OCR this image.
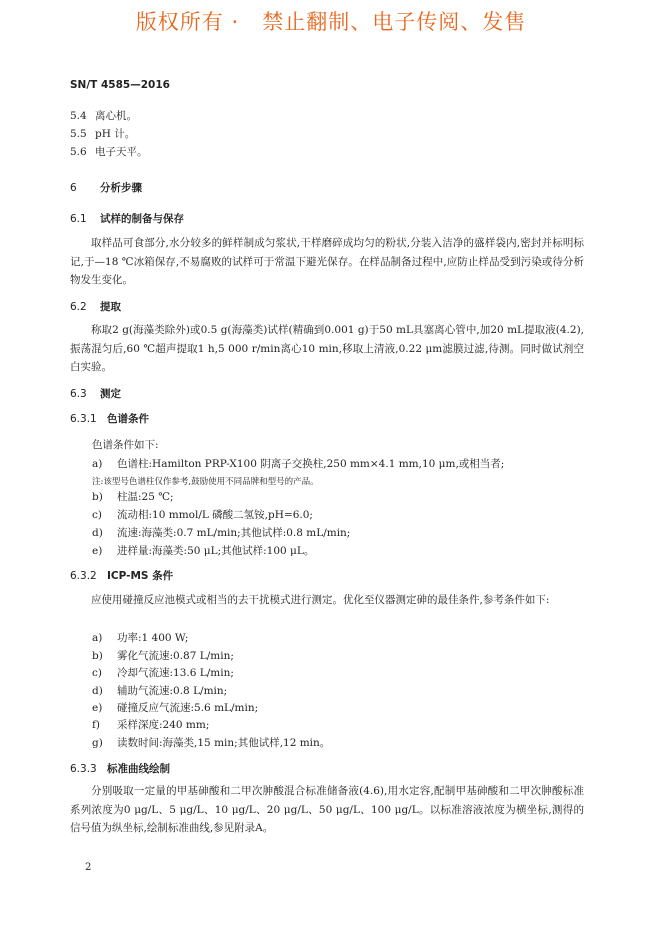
版权所有 ·   禁止翻制、电子传阅、发售
SN/T 4585—2016
5.4 离心机。
5.5 pH 计。
5.6 电子天平。
6 分析步骤
6.1 试样的制备与保存
取样品可食部分,水分较多的鲜样制成匀浆状,干样磨碎成均匀的粉状,分装入洁净的盛样袋内,密封并标明标记,于—18 ℃冰箱保存,不易腐败的试样可于常温下避光保存。在样品制备过程中,应防止样品受到污染或待分析物发生变化。
6.2 提取
称取2 g(海藻类除外)或0.5 g(海藻类)试样(精确到0.001 g)于50 mL具塞离心管中,加20 mL提取液(4.2),振荡混匀后,60 ℃超声提取1 h,5 000 r/min离心10 min,移取上清液,0.22 μm滤膜过滤,待测。同时做试剂空白实验。
6.3 测定
6.3.1 色谱条件
色谱条件如下:
a) 色谱柱:Hamilton PRP-X100 阴离子交换柱,250 mm×4.1 mm,10 μm,或相当者;
注:该型号色谱柱仅作参考,鼓励使用不同品牌和型号的产品。
b) 柱温:25 ℃;
c) 流动相:10 mmol/L 磷酸二氢铵,pH=6.0;
d) 流速:海藻类:0.7 mL/min;其他试样:0.8 mL/min;
e) 进样量:海藻类:50 μL;其他试样:100 μL。
6.3.2 ICP-MS 条件
应使用碰撞反应池模式或相当的去干扰模式进行测定。优化至仪器测定砷的最佳条件,参考条件如下:
a) 功率:1 400 W;
b) 雾化气流速:0.87 L/min;
c) 冷却气流速:13.6 L/min;
d) 辅助气流速:0.8 L/min;
e) 碰撞反应气流速:5.6 mL/min;
f) 采样深度:240 mm;
g) 读数时间:海藻类,15 min;其他试样,12 min。
6.3.3 标准曲线绘制
分别吸取一定量的甲基砷酸和二甲次胂酸混合标准储备液(4.6),用水定容,配制甲基砷酸和二甲次胂酸标准系列浓度为0 μg/L、5 μg/L、10 μg/L、20 μg/L、50 μg/L、100 μg/L。以标准溶液浓度为横坐标,测得的信号值为纵坐标,绘制标准曲线,参见附录A。
2
